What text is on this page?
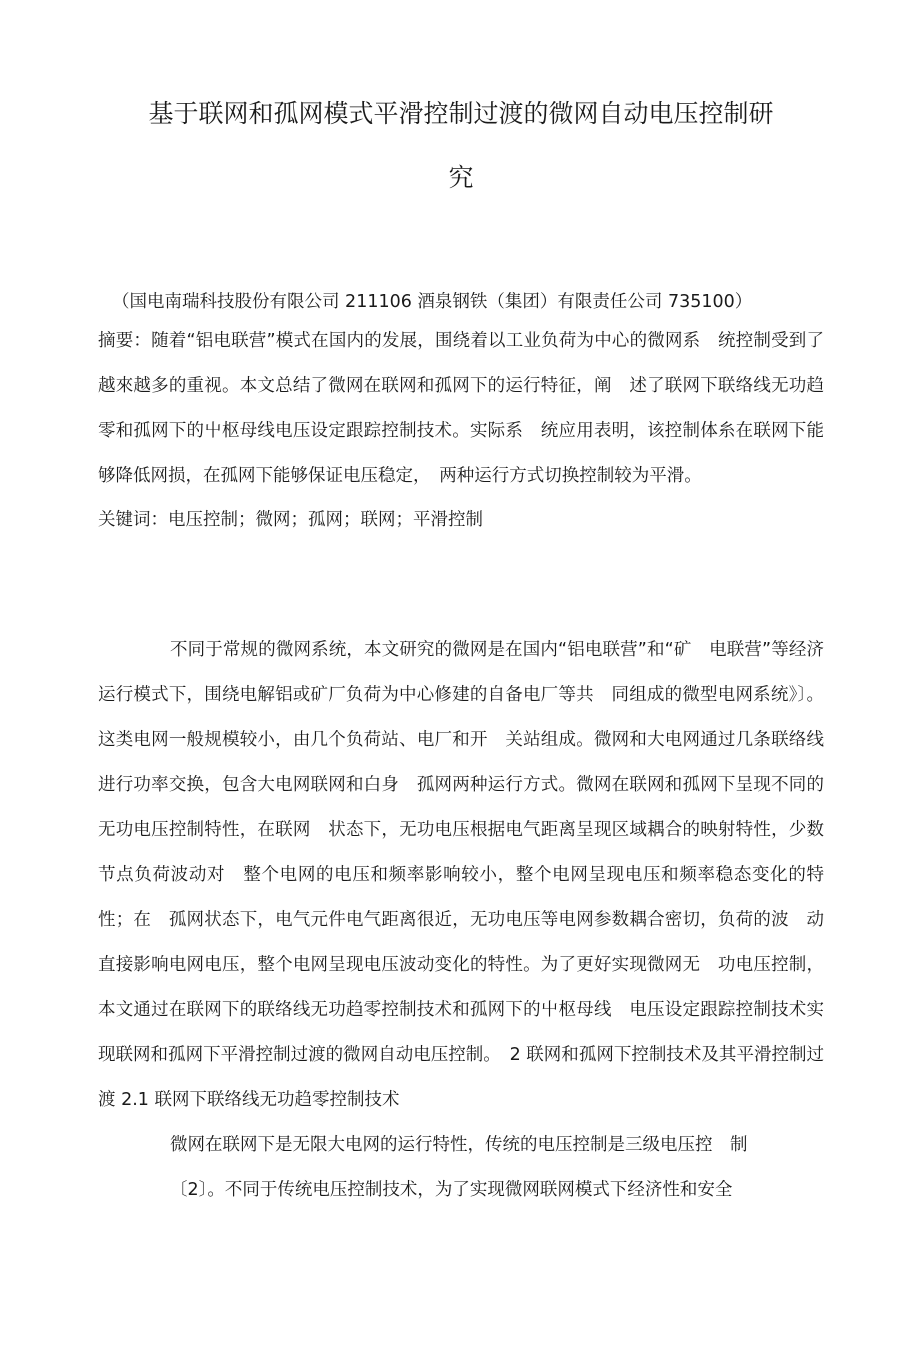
基于联网和孤网模式平滑控制过渡的微网自动电压控制研
究

（国电南瑞科技股份有限公司 211106 酒泉钢铁（集团）有限责任公司 735100）

摘要：随着“铝电联营”模式在国内的发展，围绕着以工业负荷为中心的微网系　统控制受到了越來越多的重视。本文总结了微网在联网和孤网下的运行特征，阐　述了联网下联络线无功趋零和孤网下的屮枢母线电压设定跟踪控制技术。实际系　统应用表明，该控制体糸在联网下能够降低网损，在孤网下能够保证电压稳定，　两种运行方式切换控制较为平滑。

关键词：电压控制；微网；孤网；联网；平滑控制

不同于常规的微网系统，本文研究的微网是在国内“铝电联营”和“矿　电联营”等经济运行模式下，围绕电解铝或矿厂负荷为中心修建的自备电厂等共　同组成的微型电网系统》〕。这类电网一般规模较小，由几个负荷站、电厂和开　关站组成。微网和大电网通过几条联络线进行功率交换，包含大电网联网和白身　孤网两种运行方式。微网在联网和孤网下呈现不同的无功电压控制特性，在联网　状态下，无功电压根据电气距离呈现区域耦合的映射特性，少数节点负荷波动对　整个电网的电压和频率影响较小，整个电网呈现电压和频率稳态变化的特性；在　孤网状态下，电气元件电气距离很近，无功电压等电网参数耦合密切，负荷的波　动直接影响电网电压，整个电网呈现电压波动变化的特性。为了更好实现微网无　功电压控制，本文通过在联网下的联络线无功趋零控制技术和孤网下的屮枢母线　电压设定跟踪控制技术实现联网和孤网下平滑控制过渡的微网自动电压控制。　2 联网和孤网下控制技术及其平滑控制过渡 2.1 联网下联络线无功趋零控制技术

微网在联网下是无限大电网的运行特性，传统的电压控制是三级电压控　制
〔2〕。不同于传统电压控制技术，为了实现微网联网模式下经济性和安全
